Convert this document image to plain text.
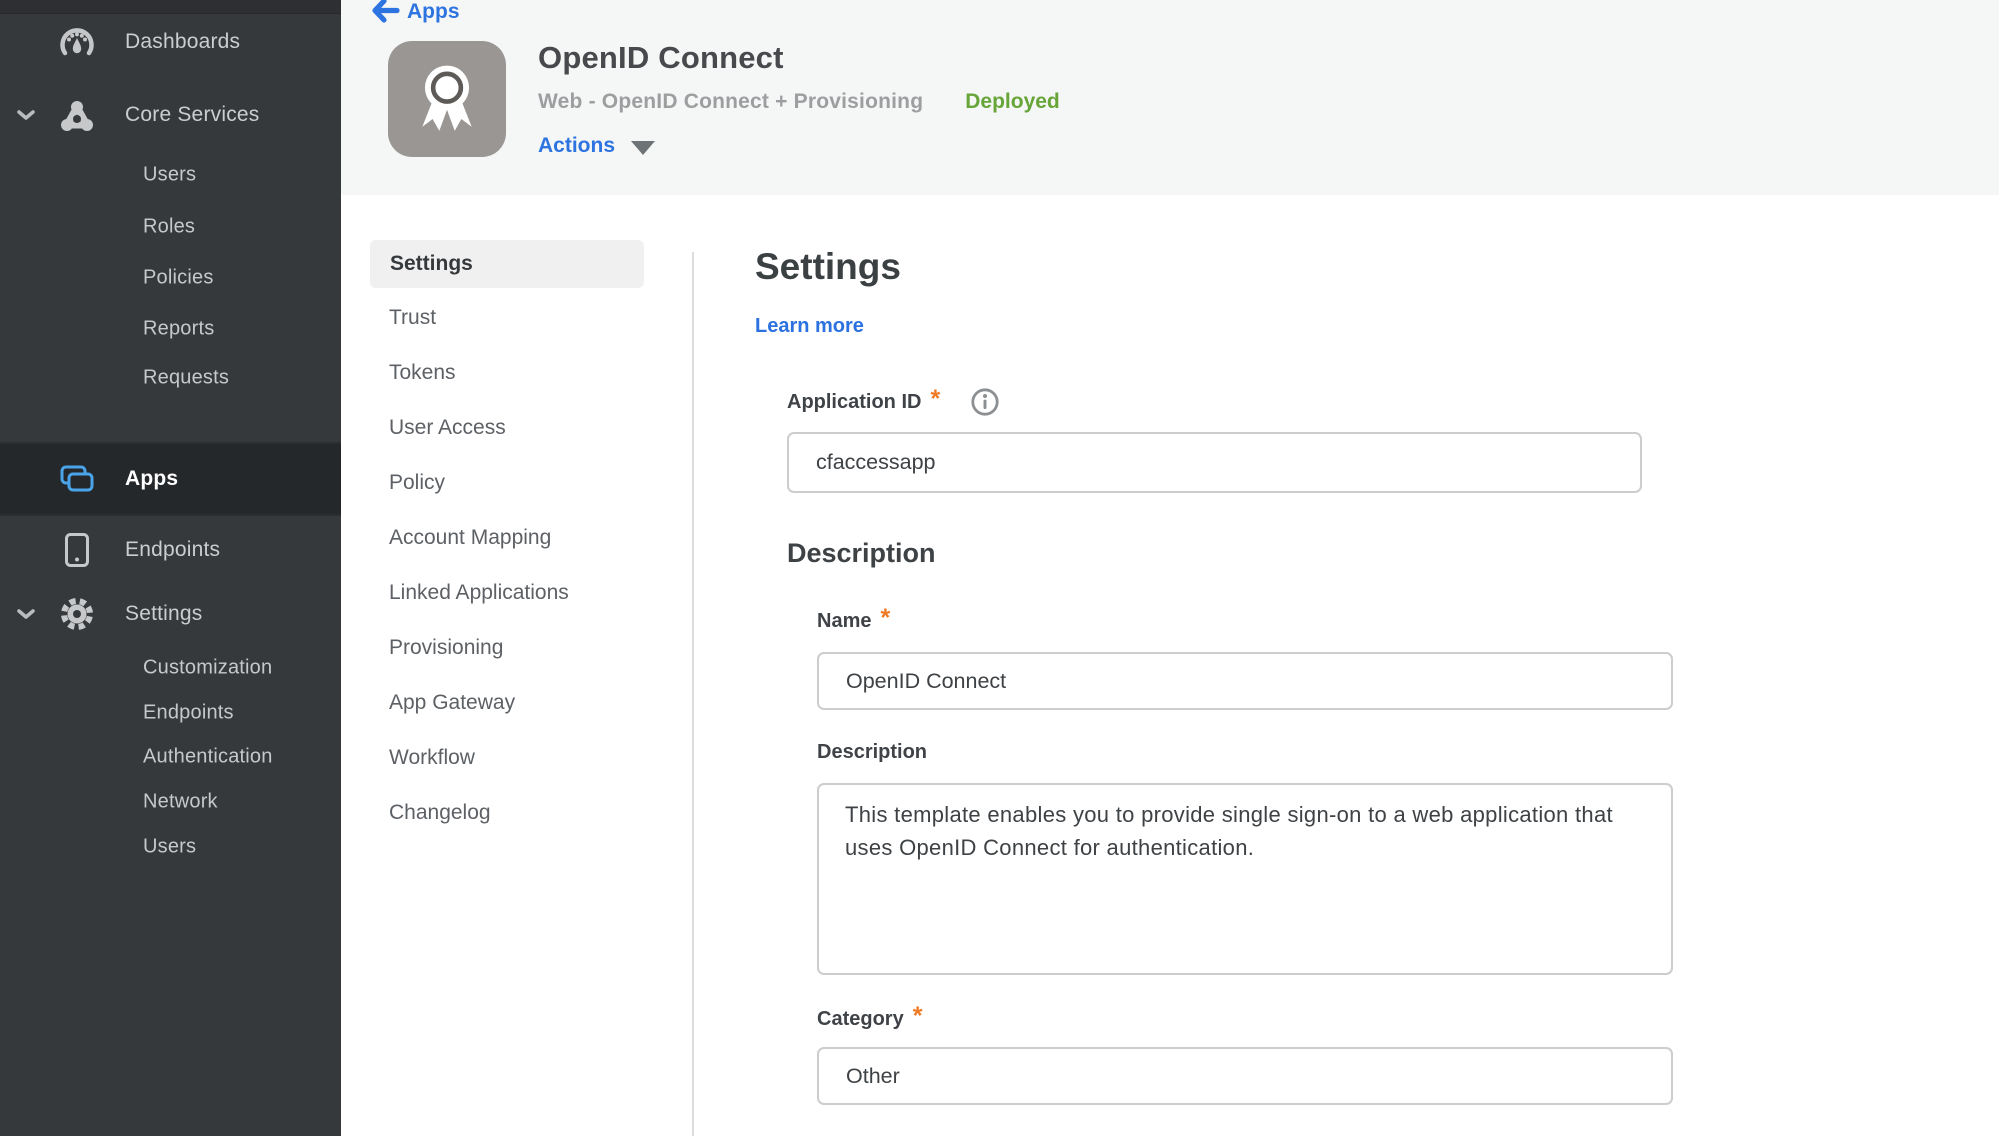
Dashboards
Core Services
Users
Roles
Policies
Reports
Requests
Apps
Endpoints
Settings
Customization
Endpoints
Authentication
Network
Users
Apps
OpenID Connect
Web - OpenID Connect + Provisioning Deployed
Actions
Settings
Trust
Tokens
User Access
Policy
Account Mapping
Linked Applications
Provisioning
App Gateway
Workflow
Changelog
Settings
Learn more
Application ID *
cfaccessapp
Description
Name *
OpenID Connect
Description
This template enables you to provide single sign-on to a web application that uses OpenID Connect for authentication.
Category *
Other
